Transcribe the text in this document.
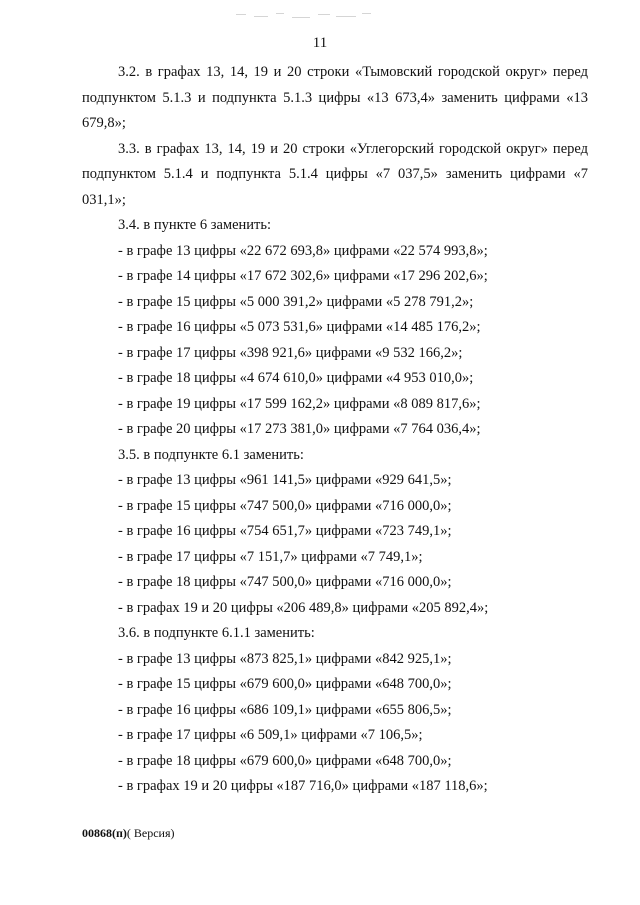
11

3.2. в графах 13, 14, 19 и 20 строки «Тымовский городской округ» перед подпунктом 5.1.3 и подпункта 5.1.3 цифры «13 673,4» заменить цифрами «13 679,8»;

3.3. в графах 13, 14, 19 и 20 строки «Углегорский городской округ» перед подпунктом 5.1.4 и подпункта 5.1.4 цифры «7 037,5» заменить цифрами «7 031,1»;

3.4. в пункте 6 заменить:

- в графе 13 цифры «22 672 693,8» цифрами «22 574 993,8»;

- в графе 14 цифры «17 672 302,6» цифрами «17 296 202,6»;

- в графе 15 цифры «5 000 391,2» цифрами «5 278 791,2»;

- в графе 16 цифры «5 073 531,6» цифрами «14 485 176,2»;

- в графе 17 цифры «398 921,6» цифрами «9 532 166,2»;

- в графе 18 цифры «4 674 610,0» цифрами «4 953 010,0»;

- в графе 19 цифры «17 599 162,2» цифрами «8 089 817,6»;

- в графе 20 цифры «17 273 381,0» цифрами «7 764 036,4»;

3.5. в подпункте 6.1 заменить:

- в графе 13 цифры «961 141,5» цифрами «929 641,5»;

- в графе 15 цифры «747 500,0» цифрами «716 000,0»;

- в графе 16 цифры «754 651,7» цифрами «723 749,1»;

- в графе 17 цифры «7 151,7» цифрами «7 749,1»;

- в графе 18 цифры «747 500,0» цифрами «716 000,0»;

- в графах 19 и 20 цифры «206 489,8» цифрами «205 892,4»;

3.6. в подпункте 6.1.1 заменить:

- в графе 13 цифры «873 825,1» цифрами «842 925,1»;

- в графе 15 цифры «679 600,0» цифрами «648 700,0»;

- в графе 16 цифры «686 109,1» цифрами «655 806,5»;

- в графе 17 цифры «6 509,1» цифрами «7 106,5»;

- в графе 18 цифры «679 600,0» цифрами «648 700,0»;

- в графах 19 и 20 цифры «187 716,0» цифрами «187 118,6»;

00868(п)( Версия)
